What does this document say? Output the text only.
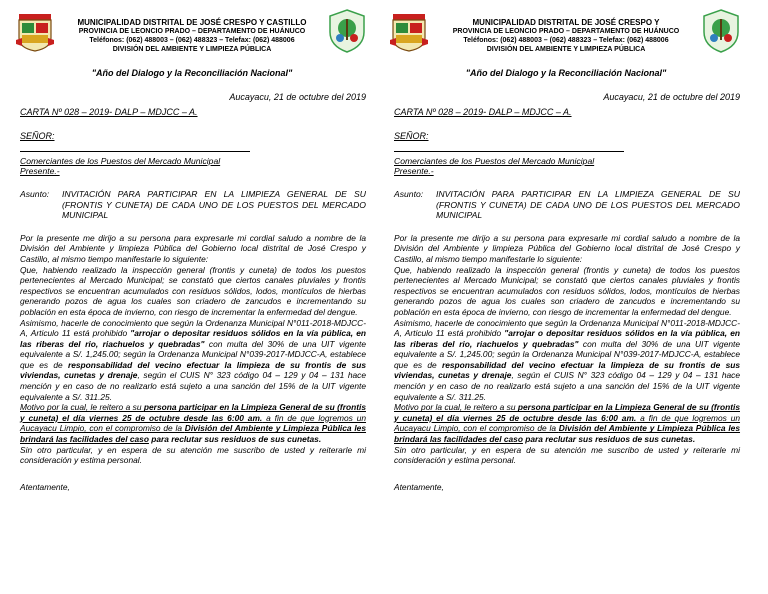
MUNICIPALIDAD DISTRITAL DE JOSÉ CRESPO Y CASTILLO
PROVINCIA DE LEONCIO PRADO – DEPARTAMENTO DE HUÁNUCO
Teléfonos: (062) 488003 – (062) 488323 – Telefax: (062) 488006
DIVISIÓN DEL AMBIENTE Y LIMPIEZA PÚBLICA
"Año del Dialogo y la Reconciliación Nacional"
Aucayacu, 21 de octubre del 2019
CARTA Nº 028 – 2019- DALP – MDJCC – A.
SEÑOR:
Comerciantes de los Puestos del Mercado Municipal
Presente.-
Asunto:	INVITACIÓN PARA PARTICIPAR EN LA LIMPIEZA GENERAL DE SU (FRONTIS Y CUNETA) DE CADA UNO DE LOS PUESTOS DEL MERCADO MUNICIPAL

Por la presente me dirijo a su persona para expresarle mi cordial saludo a nombre de la División del Ambiente y limpieza Pública del Gobierno local distrital de José Crespo y Castillo, al mismo tiempo manifestarle lo siguiente:

Que, habiendo realizado la inspección general (frontis y cuneta) de todos los puestos pertenecientes al Mercado Municipal; se constató que ciertos canales pluviales y frontis respectivos se encuentran acumulados con residuos sólidos, lodos, montículos de hierbas generando pozos de agua los cuales son criadero de zancudos e incrementando su población en esta época de invierno, con riesgo de incrementar la enfermedad del dengue.

Asimismo, hacerle de conocimiento que según la Ordenanza Municipal N°011-2018-MDJCC-A, Articulo 11 está prohibido "arrojar o depositar residuos sólidos en la vía pública, en las riberas del rio, riachuelos y quebradas" con multa del 30% de una UIT vigente equivalente a S/. 1,245.00; según la Ordenanza Municipal N°039-2017-MDJCC-A, establece que es de responsabilidad del vecino efectuar la limpieza de su frontis de sus viviendas, cunetas y drenaje, según el CUIS N° 323 código 04 – 129 y 04 – 131 hace mención y en caso de no realizarlo está sujeto a una sanción del 15% de la UIT vigente equivalente a S/. 311.25.

Motivo por la cual, le reitero a su persona participar en la Limpieza General de su (frontis y cuneta) el día viernes 25 de octubre desde las 6:00 am. a fin de que logremos un Aucayacu Limpio, con el compromiso de la División del Ambiente y Limpieza Pública les brindará las facilidades del caso para reclutar sus residuos de sus cunetas.

Sin otro particular, y en espera de su atención me suscribo de usted y reiterarle mi consideración y estima personal.

Atentamente,
MUNICIPALIDAD DISTRITAL DE JOSÉ CRESPO Y
PROVINCIA DE LEONCIO PRADO – DEPARTAMENTO DE HUÁNUCO
Teléfonos: (062) 488003 – (062) 488323 – Telefax: (062) 488006
DIVISIÓN DEL AMBIENTE Y LIMPIEZA PÚBLICA
"Año del Dialogo y la Reconciliación Nacional"
Aucayacu, 21 de octubre del 2019
CARTA Nº 028 – 2019- DALP – MDJCC – A.
SEÑOR:
Comerciantes de los Puestos del Mercado Municipal
Presente.-
Asunto:	INVITACIÓN PARA PARTICIPAR EN LA LIMPIEZA GENERAL DE SU (FRONTIS Y CUNETA) DE CADA UNO DE LOS PUESTOS DEL MERCADO MUNICIPAL

Por la presente me dirijo a su persona para expresarle mi cordial saludo a nombre de la División del Ambiente y limpieza Pública del Gobierno local distrital de José Crespo y Castillo, al mismo tiempo manifestarle lo siguiente:

Que, habiendo realizado la inspección general (frontis y cuneta) de todos los puestos pertenecientes al Mercado Municipal; se constató que ciertos canales pluviales y frontis respectivos se encuentran acumulados con residuos sólidos, lodos, montículos de hierbas generando pozos de agua los cuales son criadero de zancudos e incrementando su población en esta época de invierno, con riesgo de incrementar la enfermedad del dengue.

Asimismo, hacerle de conocimiento que según la Ordenanza Municipal N°011-2018-MDJCC-A, Articulo 11 está prohibido "arrojar o depositar residuos sólidos en la vía pública, en las riberas del rio, riachuelos y quebradas" con multa del 30% de una UIT vigente equivalente a S/. 1,245.00; según la Ordenanza Municipal N°039-2017-MDJCC-A, establece que es de responsabilidad del vecino efectuar la limpieza de su frontis de sus viviendas, cunetas y drenaje, según el CUIS N° 323 código 04 – 129 y 04 – 131 hace mención y en caso de no realizarlo está sujeto a una sanción del 15% de la UIT vigente equivalente a S/. 311.25.

Motivo por la cual, le reitero a su persona participar en la Limpieza General de su (frontis y cuneta) el día viernes 25 de octubre desde las 6:00 am. a fin de que logremos un Aucayacu Limpio, con el compromiso de la División del Ambiente y Limpieza Pública les brindará las facilidades del caso para reclutar sus residuos de sus cunetas.

Sin otro particular, y en espera de su atención me suscribo de usted y reiterarle mi consideración y estima personal.

Atentamente,
